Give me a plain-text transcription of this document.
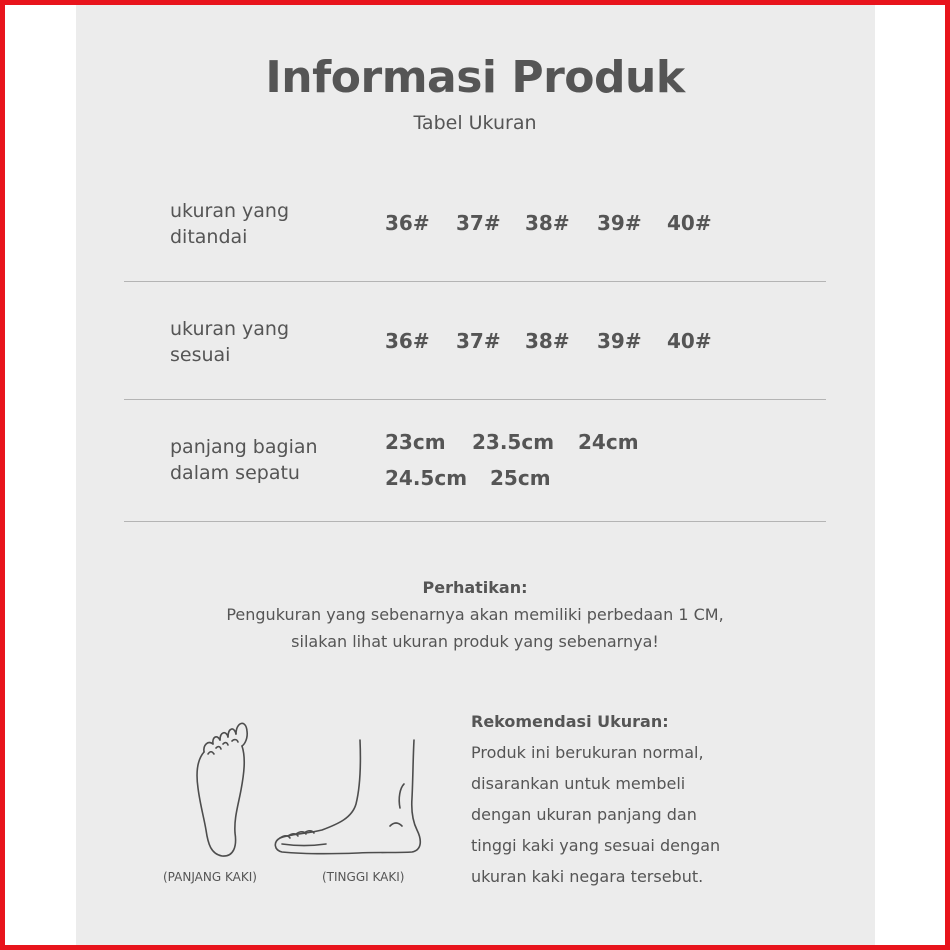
Informasi Produk
Tabel Ukuran
ukuran yang
ditandai
36# 37# 38# 39# 40#
ukuran yang
sesuai
36# 37# 38# 39# 40#
panjang bagian
dalam sepatu
23cm 23.5cm 24cm
24.5cm 25cm
Perhatikan:
Pengukuran yang sebenarnya akan memiliki perbedaan 1 CM,
silakan lihat ukuran produk yang sebenarnya!
(PANJANG KAKI)	(TINGGI KAKI)
Rekomendasi Ukuran:
Produk ini berukuran normal,
disarankan untuk membeli
dengan ukuran panjang dan
tinggi kaki yang sesuai dengan
ukuran kaki negara tersebut.
